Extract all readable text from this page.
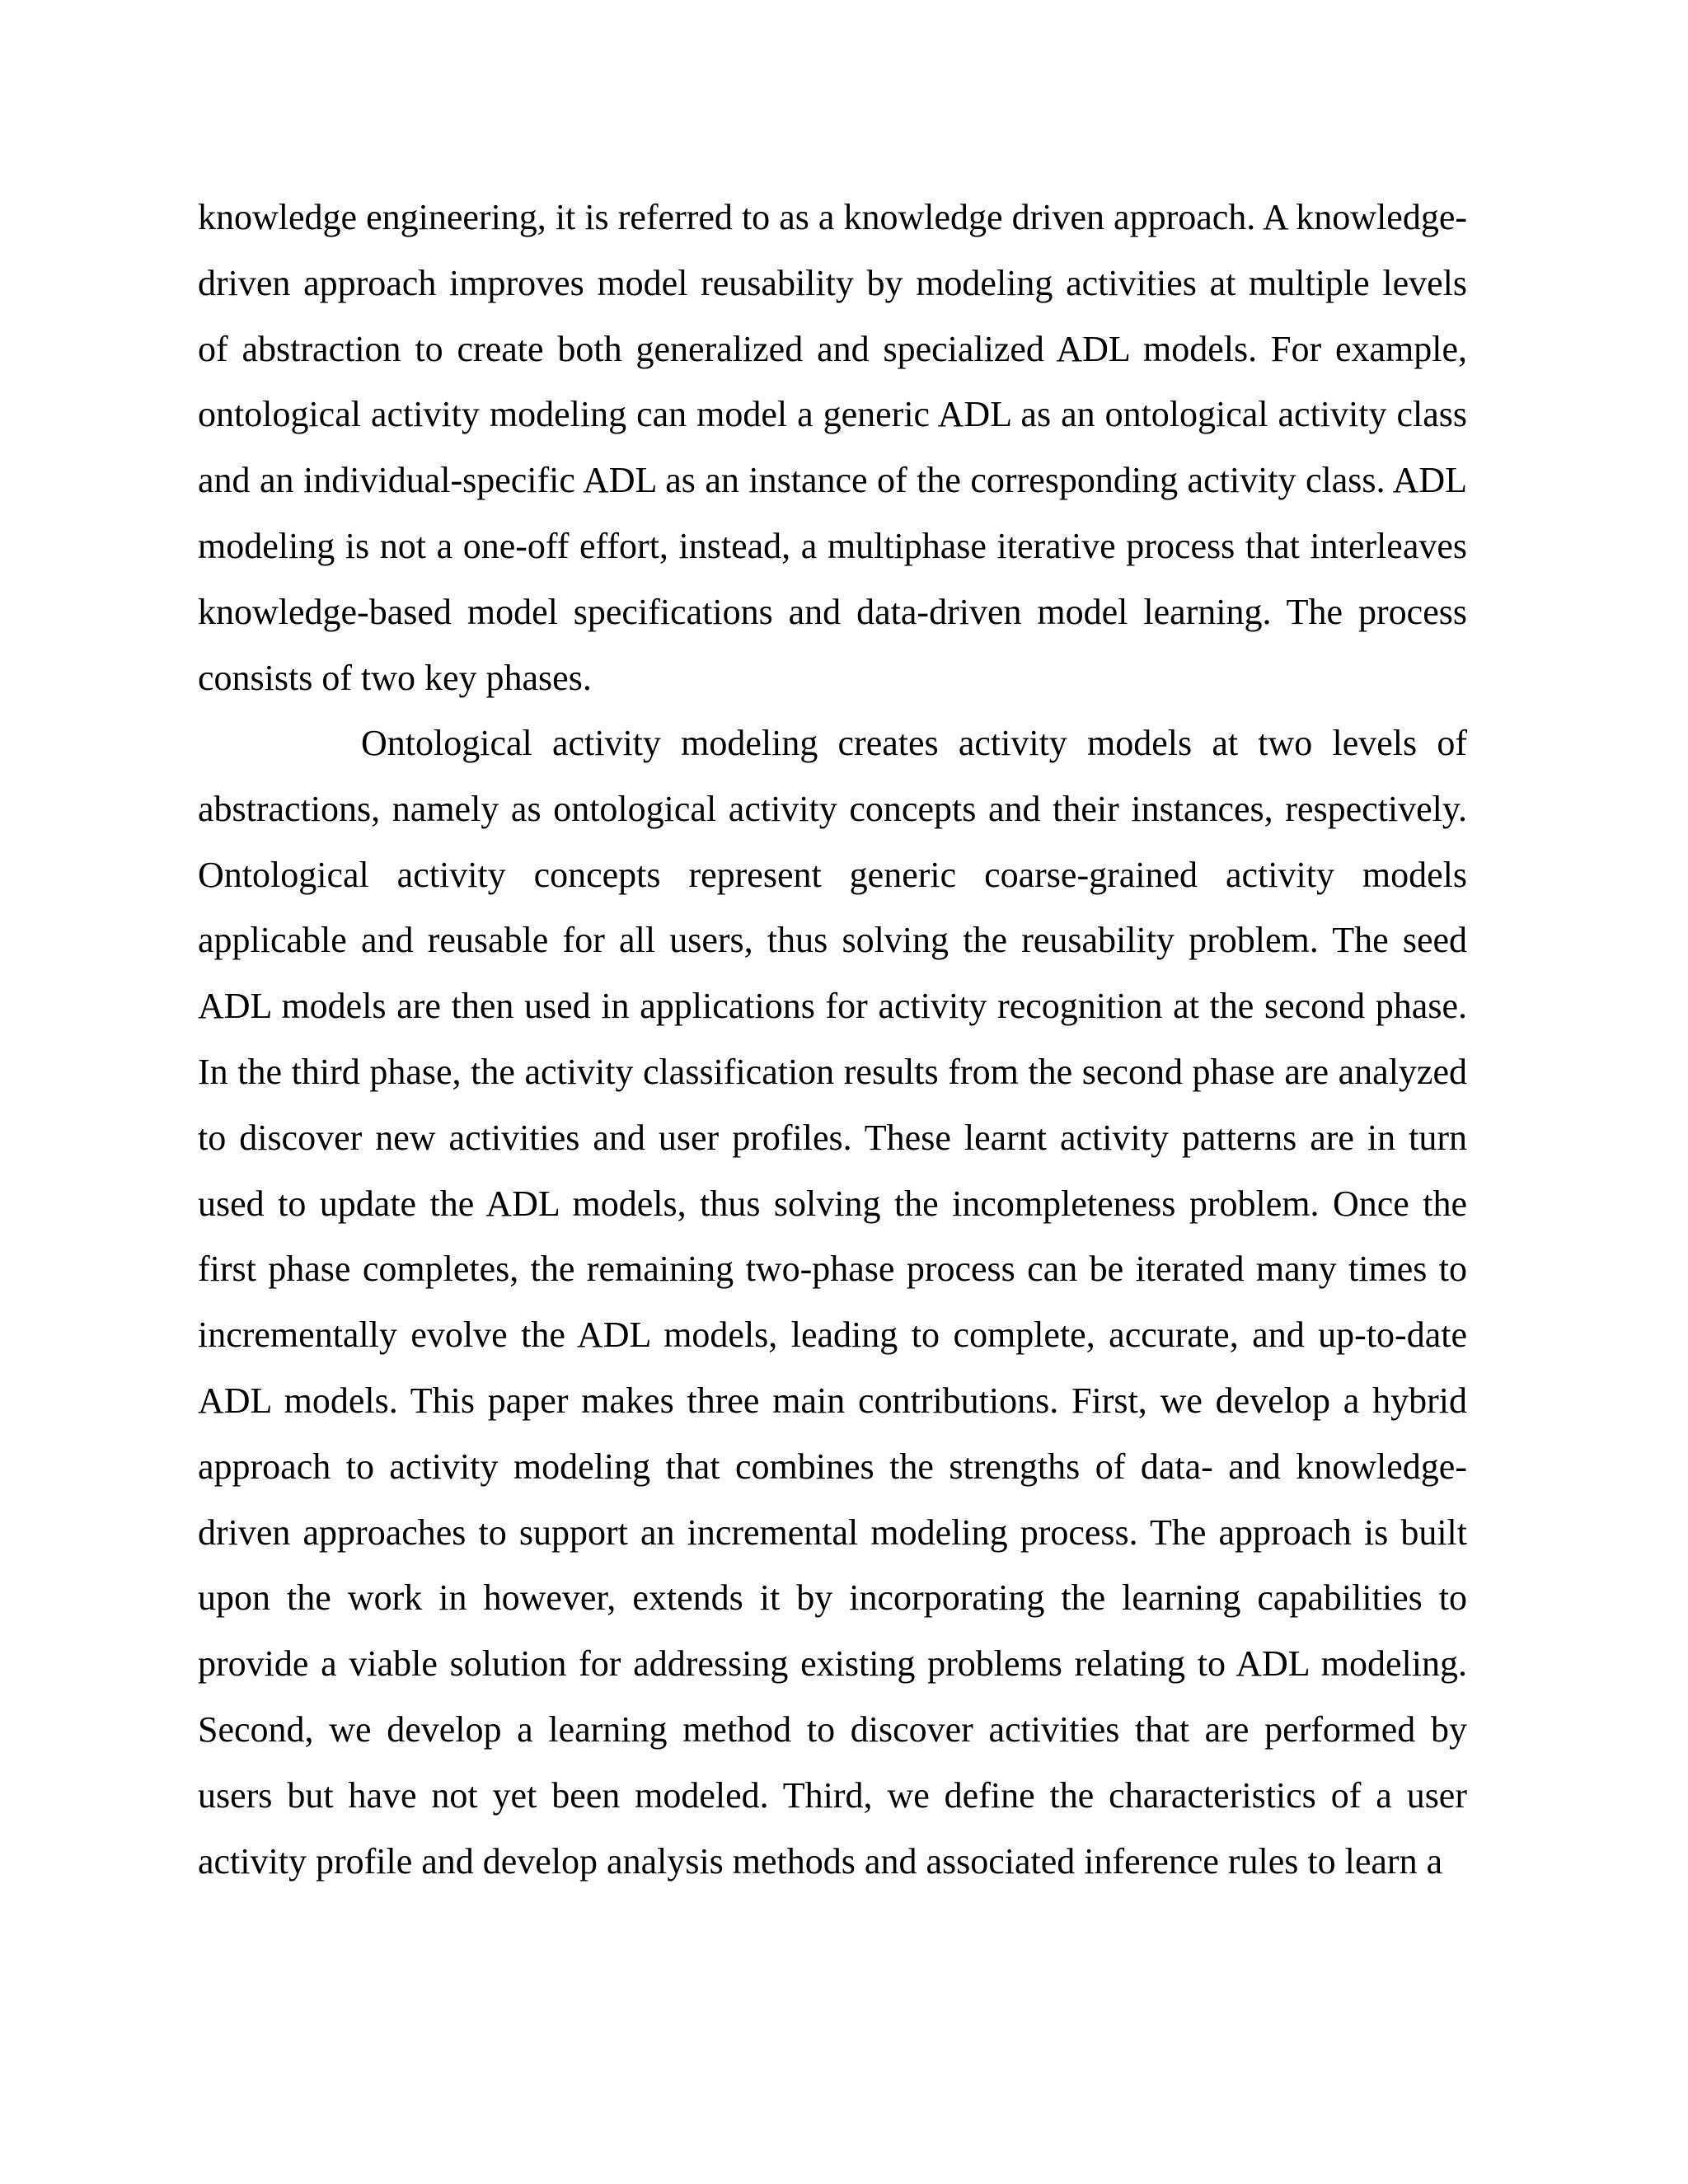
knowledge engineering, it is referred to as a knowledge driven approach. A knowledge-driven approach improves model reusability by modeling activities at multiple levels of abstraction to create both generalized and specialized ADL models. For example, ontological activity modeling can model a generic ADL as an ontological activity class and an individual-specific ADL as an instance of the corresponding activity class. ADL modeling is not a one-off effort, instead, a multiphase iterative process that interleaves knowledge-based model specifications and data-driven model learning. The process consists of two key phases.

Ontological activity modeling creates activity models at two levels of abstractions, namely as ontological activity concepts and their instances, respectively. Ontological activity concepts represent generic coarse-grained activity models applicable and reusable for all users, thus solving the reusability problem. The seed ADL models are then used in applications for activity recognition at the second phase. In the third phase, the activity classification results from the second phase are analyzed to discover new activities and user profiles. These learnt activity patterns are in turn used to update the ADL models, thus solving the incompleteness problem. Once the first phase completes, the remaining two-phase process can be iterated many times to incrementally evolve the ADL models, leading to complete, accurate, and up-to-date ADL models. This paper makes three main contributions. First, we develop a hybrid approach to activity modeling that combines the strengths of data- and knowledge-driven approaches to support an incremental modeling process. The approach is built upon the work in however, extends it by incorporating the learning capabilities to provide a viable solution for addressing existing problems relating to ADL modeling. Second, we develop a learning method to discover activities that are performed by users but have not yet been modeled. Third, we define the characteristics of a user activity profile and develop analysis methods and associated inference rules to learn a
